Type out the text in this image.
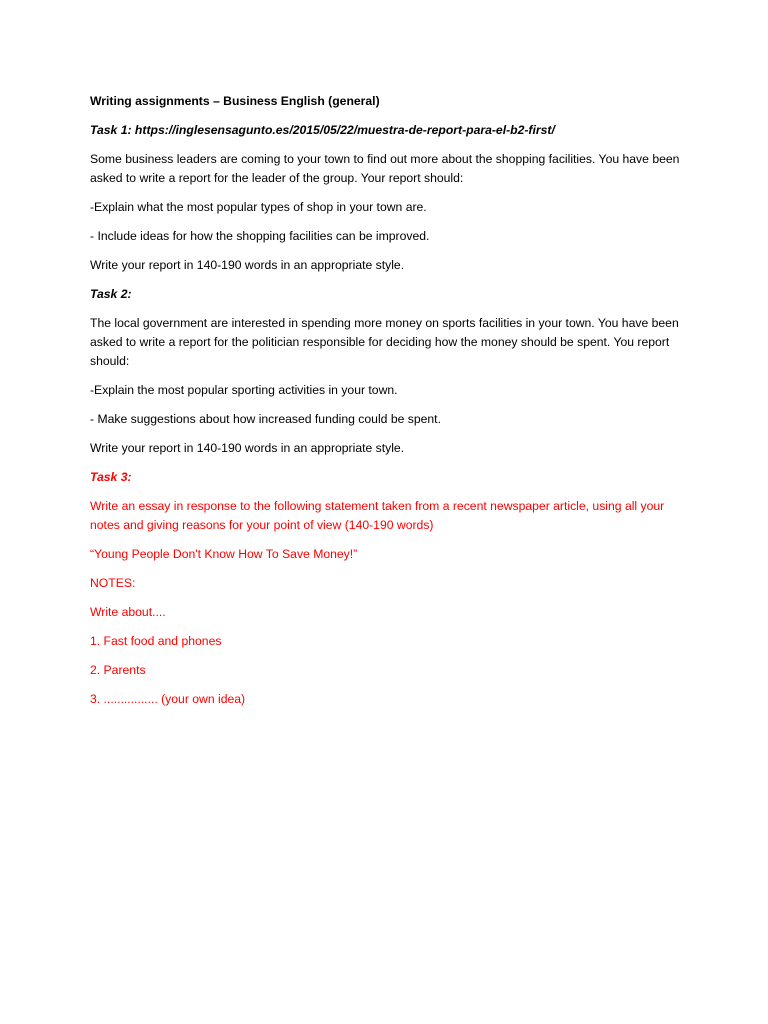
Writing assignments – Business English (general)

Task 1: https://inglesensagunto.es/2015/05/22/muestra-de-report-para-el-b2-first/

Some business leaders are coming to your town to find out more about the shopping facilities. You have been asked to write a report for the leader of the group. Your report should:

-Explain what the most popular types of shop in your town are.

- Include ideas for how the shopping facilities can be improved.

Write your report in 140-190 words in an appropriate style.

Task 2:

The local government are interested in spending more money on sports facilities in your town. You have been asked to write a report for the politician responsible for deciding how the money should be spent. You report should:

-Explain the most popular sporting activities in your town.

- Make suggestions about how increased funding could be spent.

Write your report in 140-190 words in an appropriate style.

Task 3:

Write an essay in response to the following statement taken from a recent newspaper article, using all your notes and giving reasons for your point of view (140-190 words)

“Young People Don't Know How To Save Money!”

NOTES:

Write about....

1. Fast food and phones

2. Parents

3. ................ (your own idea)
